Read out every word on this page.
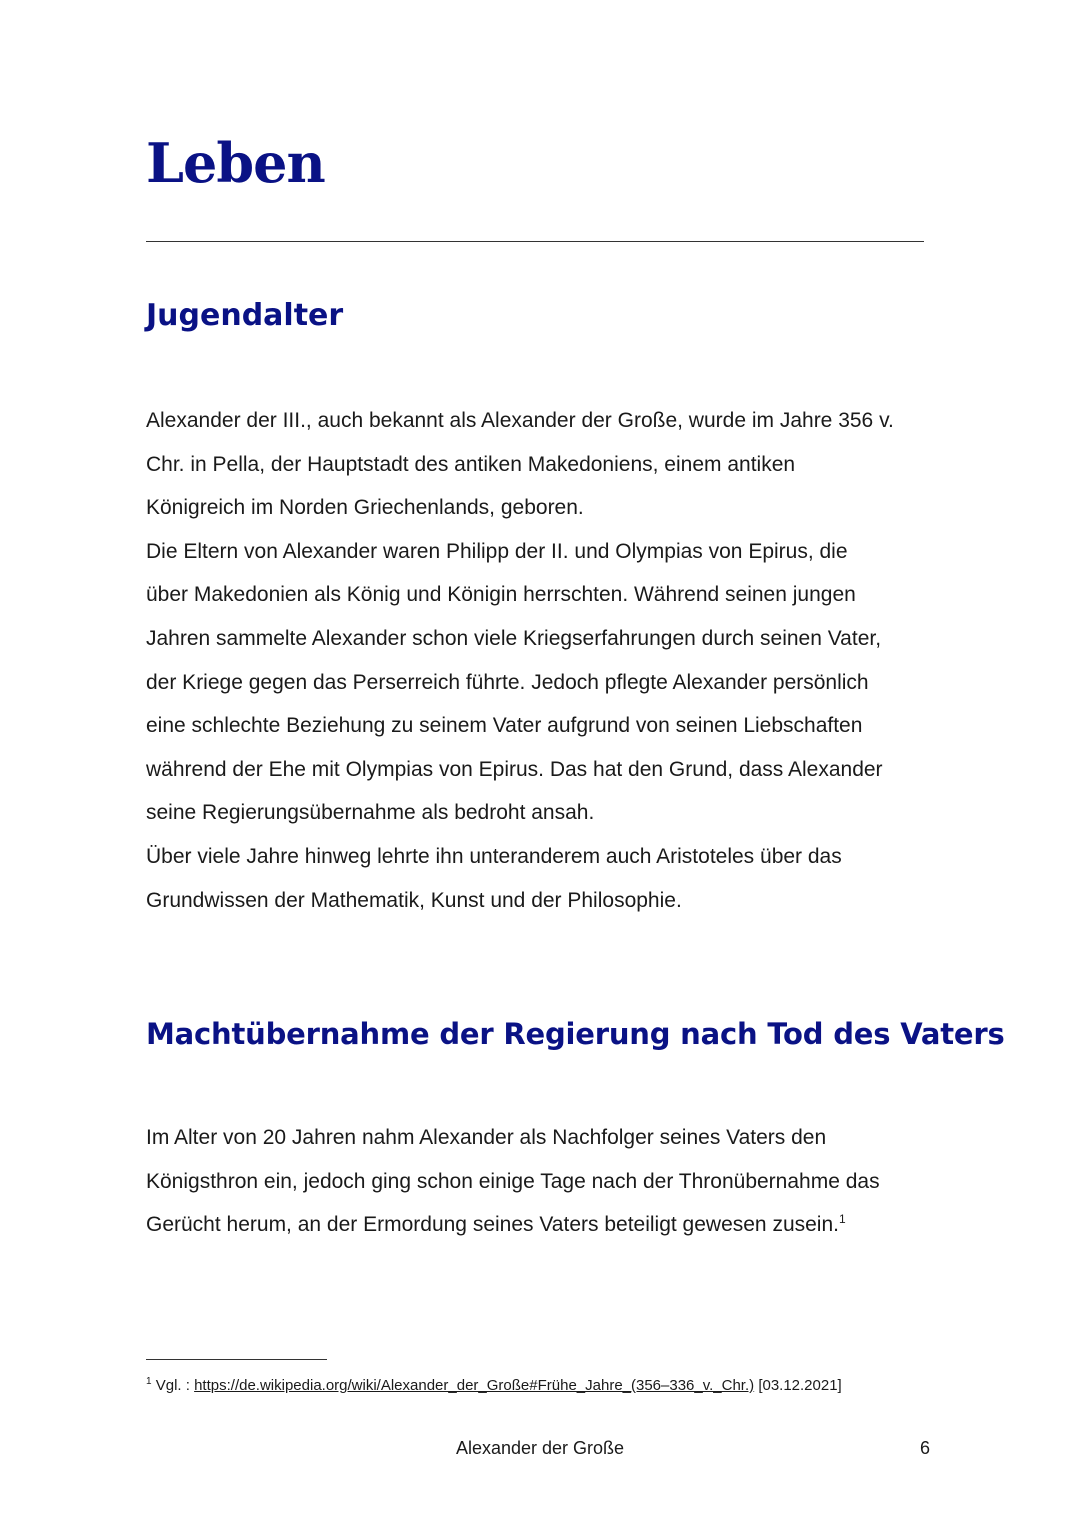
Leben
Jugendalter

Alexander der III., auch bekannt als Alexander der Große, wurde im Jahre 356 v.
Chr. in Pella, der Hauptstadt des antiken Makedoniens, einem antiken
Königreich im Norden Griechenlands, geboren.
Die Eltern von Alexander waren Philipp der II. und Olympias von Epirus, die
über Makedonien als König und Königin herrschten. Während seinen jungen
Jahren sammelte Alexander schon viele Kriegserfahrungen durch seinen Vater,
der Kriege gegen das Perserreich führte. Jedoch pflegte Alexander persönlich
eine schlechte Beziehung zu seinem Vater aufgrund von seinen Liebschaften
während der Ehe mit Olympias von Epirus. Das hat den Grund, dass Alexander
seine Regierungsübernahme als bedroht ansah.
Über viele Jahre hinweg lehrte ihn unteranderem auch Aristoteles über das
Grundwissen der Mathematik, Kunst und der Philosophie.

Machtübernahme der Regierung nach Tod des Vaters

Im Alter von 20 Jahren nahm Alexander als Nachfolger seines Vaters den
Königsthron ein, jedoch ging schon einige Tage nach der Thronübernahme das
Gerücht herum, an der Ermordung seines Vaters beteiligt gewesen zusein.$^1$

$^1$ Vgl. : https://de.wikipedia.org/wiki/Alexander_der_Große#Frühe_Jahre_(356–336_v._Chr.) [03.12.2021]
Alexander der Große	6
